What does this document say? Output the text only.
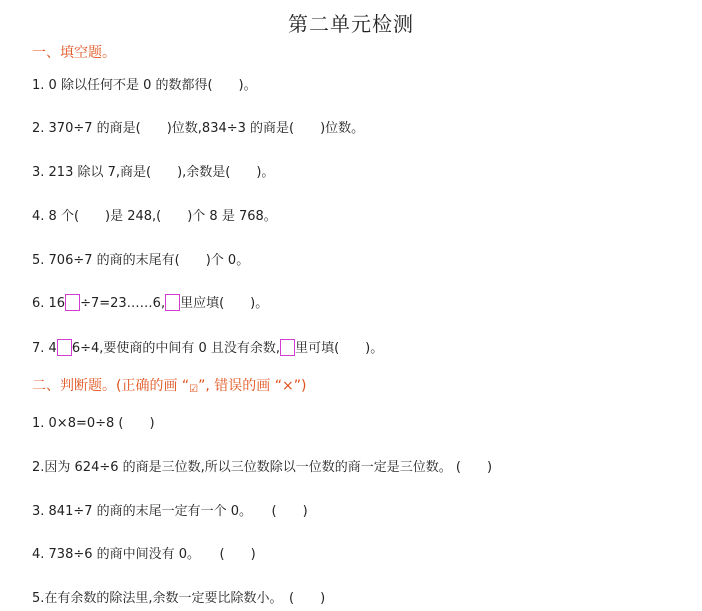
第二单元检测
一、填空题。
1. 0 除以任何不是 0 的数都得(　　)。
2. 370÷7 的商是(　　)位数,834÷3 的商是(　　)位数。
3. 213 除以 7,商是(　　),余数是(　　)。
4. 8 个(　　)是 248,(　　)个 8 是 768。
5. 706÷7 的商的末尾有(　　)个 0。
6. 16 ÷7=23……6, 里应填(　　)。
7. 4 6÷4,要使商的中间有 0 且没有余数, 里可填(　　)。
二、判断题。(正确的画 “☑”, 错误的画 “×”)
1. 0×8=0÷8 (　　)
2.因为 624÷6 的商是三位数,所以三位数除以一位数的商一定是三位数。 (　　)
3. 841÷7 的商的末尾一定有一个 0。　　(　　)
4. 738÷6 的商中间没有 0。　　(　　)
5.在有余数的除法里,余数一定要比除数小。　(　　)
